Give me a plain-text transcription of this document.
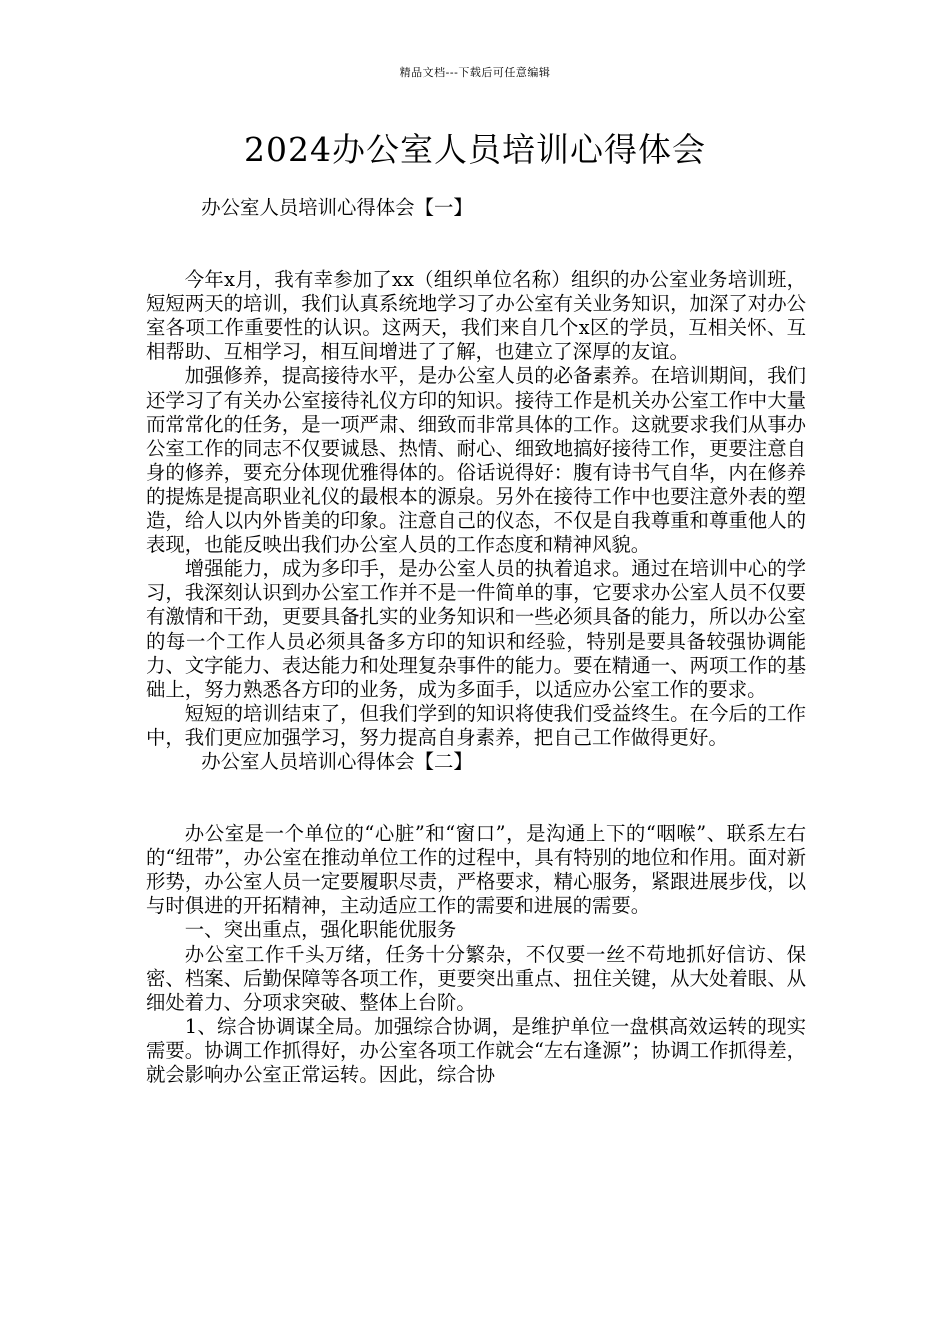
精品文档---下载后可任意编辑
2024办公室人员培训心得体会

办公室人员培训心得体会【一】

今年x月，我有幸参加了xx（组织单位名称）组织的办公室业务培训班，短短两天的培训，我们认真系统地学习了办公室有关业务知识，加深了对办公室各项工作重要性的认识。这两天，我们来自几个x区的学员，互相关怀、互相帮助、互相学习，相互间增进了了解，也建立了深厚的友谊。

加强修养，提高接待水平，是办公室人员的必备素养。在培训期间，我们还学习了有关办公室接待礼仪方印的知识。接待工作是机关办公室工作中大量而常常化的任务，是一项严肃、细致而非常具体的工作。这就要求我们从事办公室工作的同志不仅要诚恳、热情、耐心、细致地搞好接待工作，更要注意自身的修养，要充分体现优雅得体的。俗话说得好：腹有诗书气自华，内在修养的提炼是提高职业礼仪的最根本的源泉。另外在接待工作中也要注意外表的塑造，给人以内外皆美的印象。注意自己的仪态，不仅是自我尊重和尊重他人的表现，也能反映出我们办公室人员的工作态度和精神风貌。

增强能力，成为多印手，是办公室人员的执着追求。通过在培训中心的学习，我深刻认识到办公室工作并不是一件简单的事，它要求办公室人员不仅要有激情和干劲，更要具备扎实的业务知识和一些必须具备的能力，所以办公室的每一个工作人员必须具备多方印的知识和经验，特别是要具备较强协调能力、文字能力、表达能力和处理复杂事件的能力。要在精通一、两项工作的基础上，努力熟悉各方印的业务，成为多面手，以适应办公室工作的要求。

短短的培训结束了，但我们学到的知识将使我们受益终生。在今后的工作中，我们更应加强学习，努力提高自身素养，把自己工作做得更好。

办公室人员培训心得体会【二】

办公室是一个单位的“心脏”和“窗口”，是沟通上下的“咽喉”、联系左右的“纽带”，办公室在推动单位工作的过程中，具有特别的地位和作用。面对新形势，办公室人员一定要履职尽责，严格要求，精心服务，紧跟进展步伐，以与时俱进的开拓精神，主动适应工作的需要和进展的需要。

一、突出重点，强化职能优服务

办公室工作千头万绪，任务十分繁杂，不仅要一丝不苟地抓好信访、保密、档案、后勤保障等各项工作，更要突出重点、扭住关键，从大处着眼、从细处着力、分项求突破、整体上台阶。

1、综合协调谋全局。加强综合协调，是维护单位一盘棋高效运转的现实需要。协调工作抓得好，办公室各项工作就会“左右逢源”；协调工作抓得差，就会影响办公室正常运转。因此，综合协
